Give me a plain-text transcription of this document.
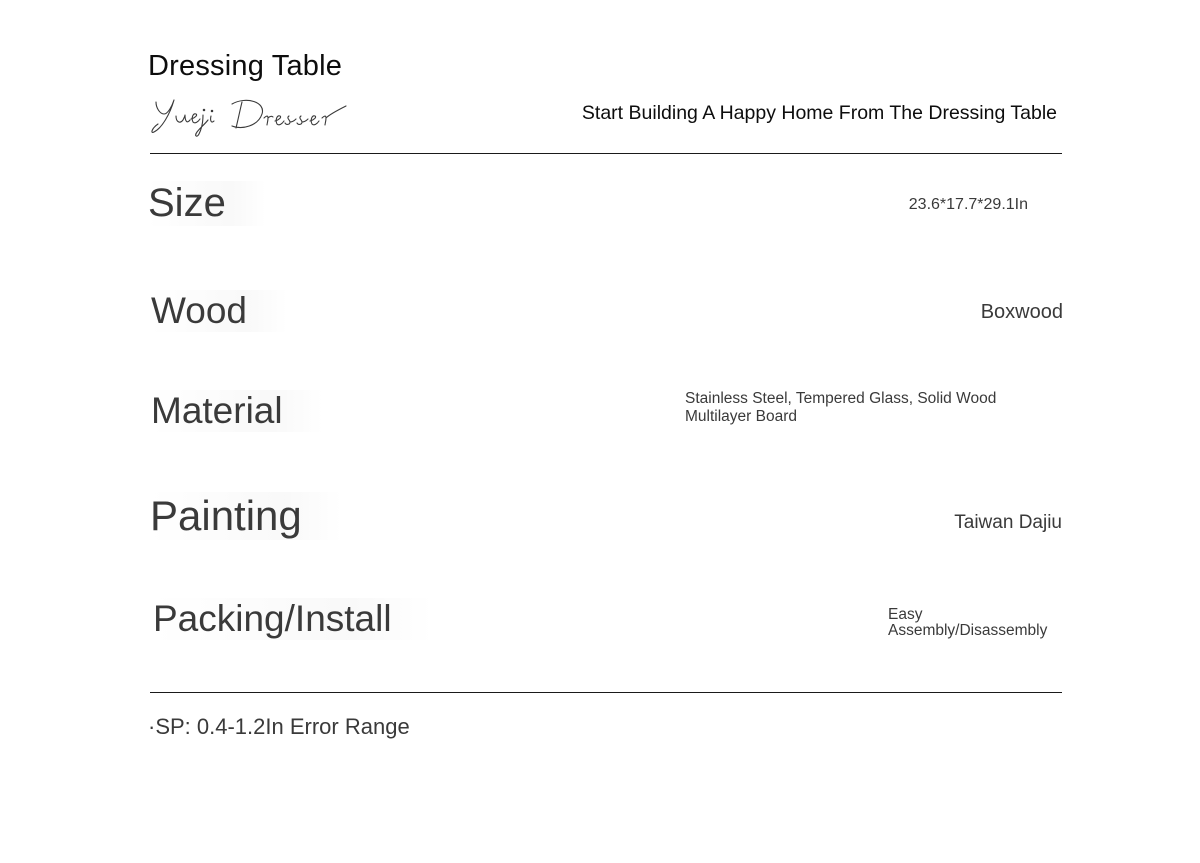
Dressing Table
Start Building A Happy Home From The Dressing Table
Size	23.6*17.7*29.1In
Wood	Boxwood
Material	Stainless Steel, Tempered Glass, Solid Wood Multilayer Board
Painting	Taiwan Dajiu
Packing/Install	Easy Assembly/Disassembly
·SP: 0.4-1.2In Error Range
